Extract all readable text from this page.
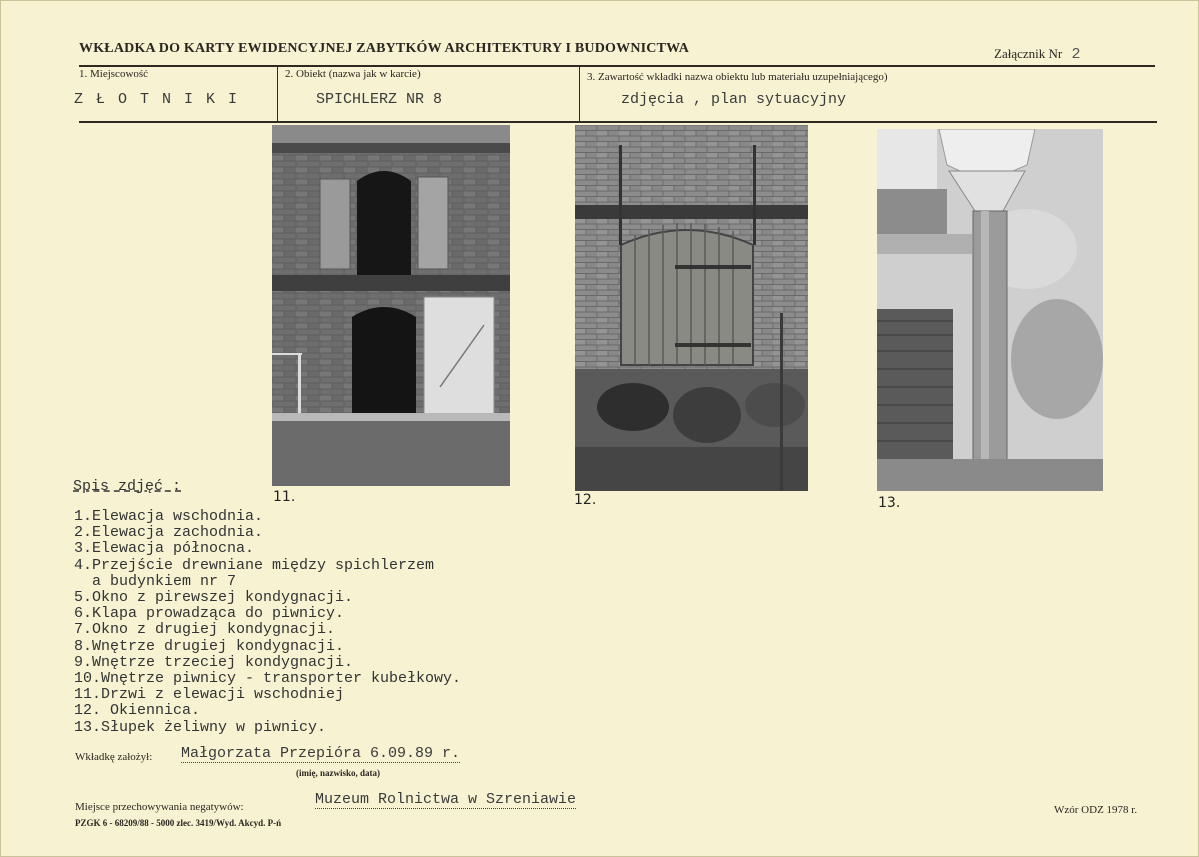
WKŁADKA DO KARTY EWIDENCYJNEJ ZABYTKÓW ARCHITEKTURY I BUDOWNICTWA	Załącznik Nr 2
1. Miejscowość
Z Ł O T N I K I
2. Obiekt (nazwa jak w karcie)
SPICHLERZ NR 8
3. Zawartość wkładki nazwa obiektu lub materiału uzupełniającego)
zdjęcia , plan sytuacyjny
11.	12.	13.
Spis zdjęć :
1.Elewacja wschodnia.
2.Elewacja zachodnia.
3.Elewacja północna.
4.Przejście drewniane między spichlerzem
a budynkiem nr 7
5.Okno z pirewszej kondygnacji.
6.Klapa prowadząca do piwnicy.
7.Okno z drugiej kondygnacji.
8.Wnętrze drugiej kondygnacji.
9.Wnętrze trzeciej kondygnacji.
10.Wnętrze piwnicy - transporter kubełkowy.
11.Drzwi z elewacji wschodniej
12. Okiennica.
13.Słupek żeliwny w piwnicy.
Wkładkę założył: Małgorzata Przepióra 6.09.89 r.
(imię, nazwisko, data)
Miejsce przechowywania negatywów:	Muzeum Rolnictwa w Szreniawie
PZGK 6 - 68209/88 - 5000 zlec. 3419/Wyd. Akcyd. P-ń
Wzór ODZ 1978 r.
